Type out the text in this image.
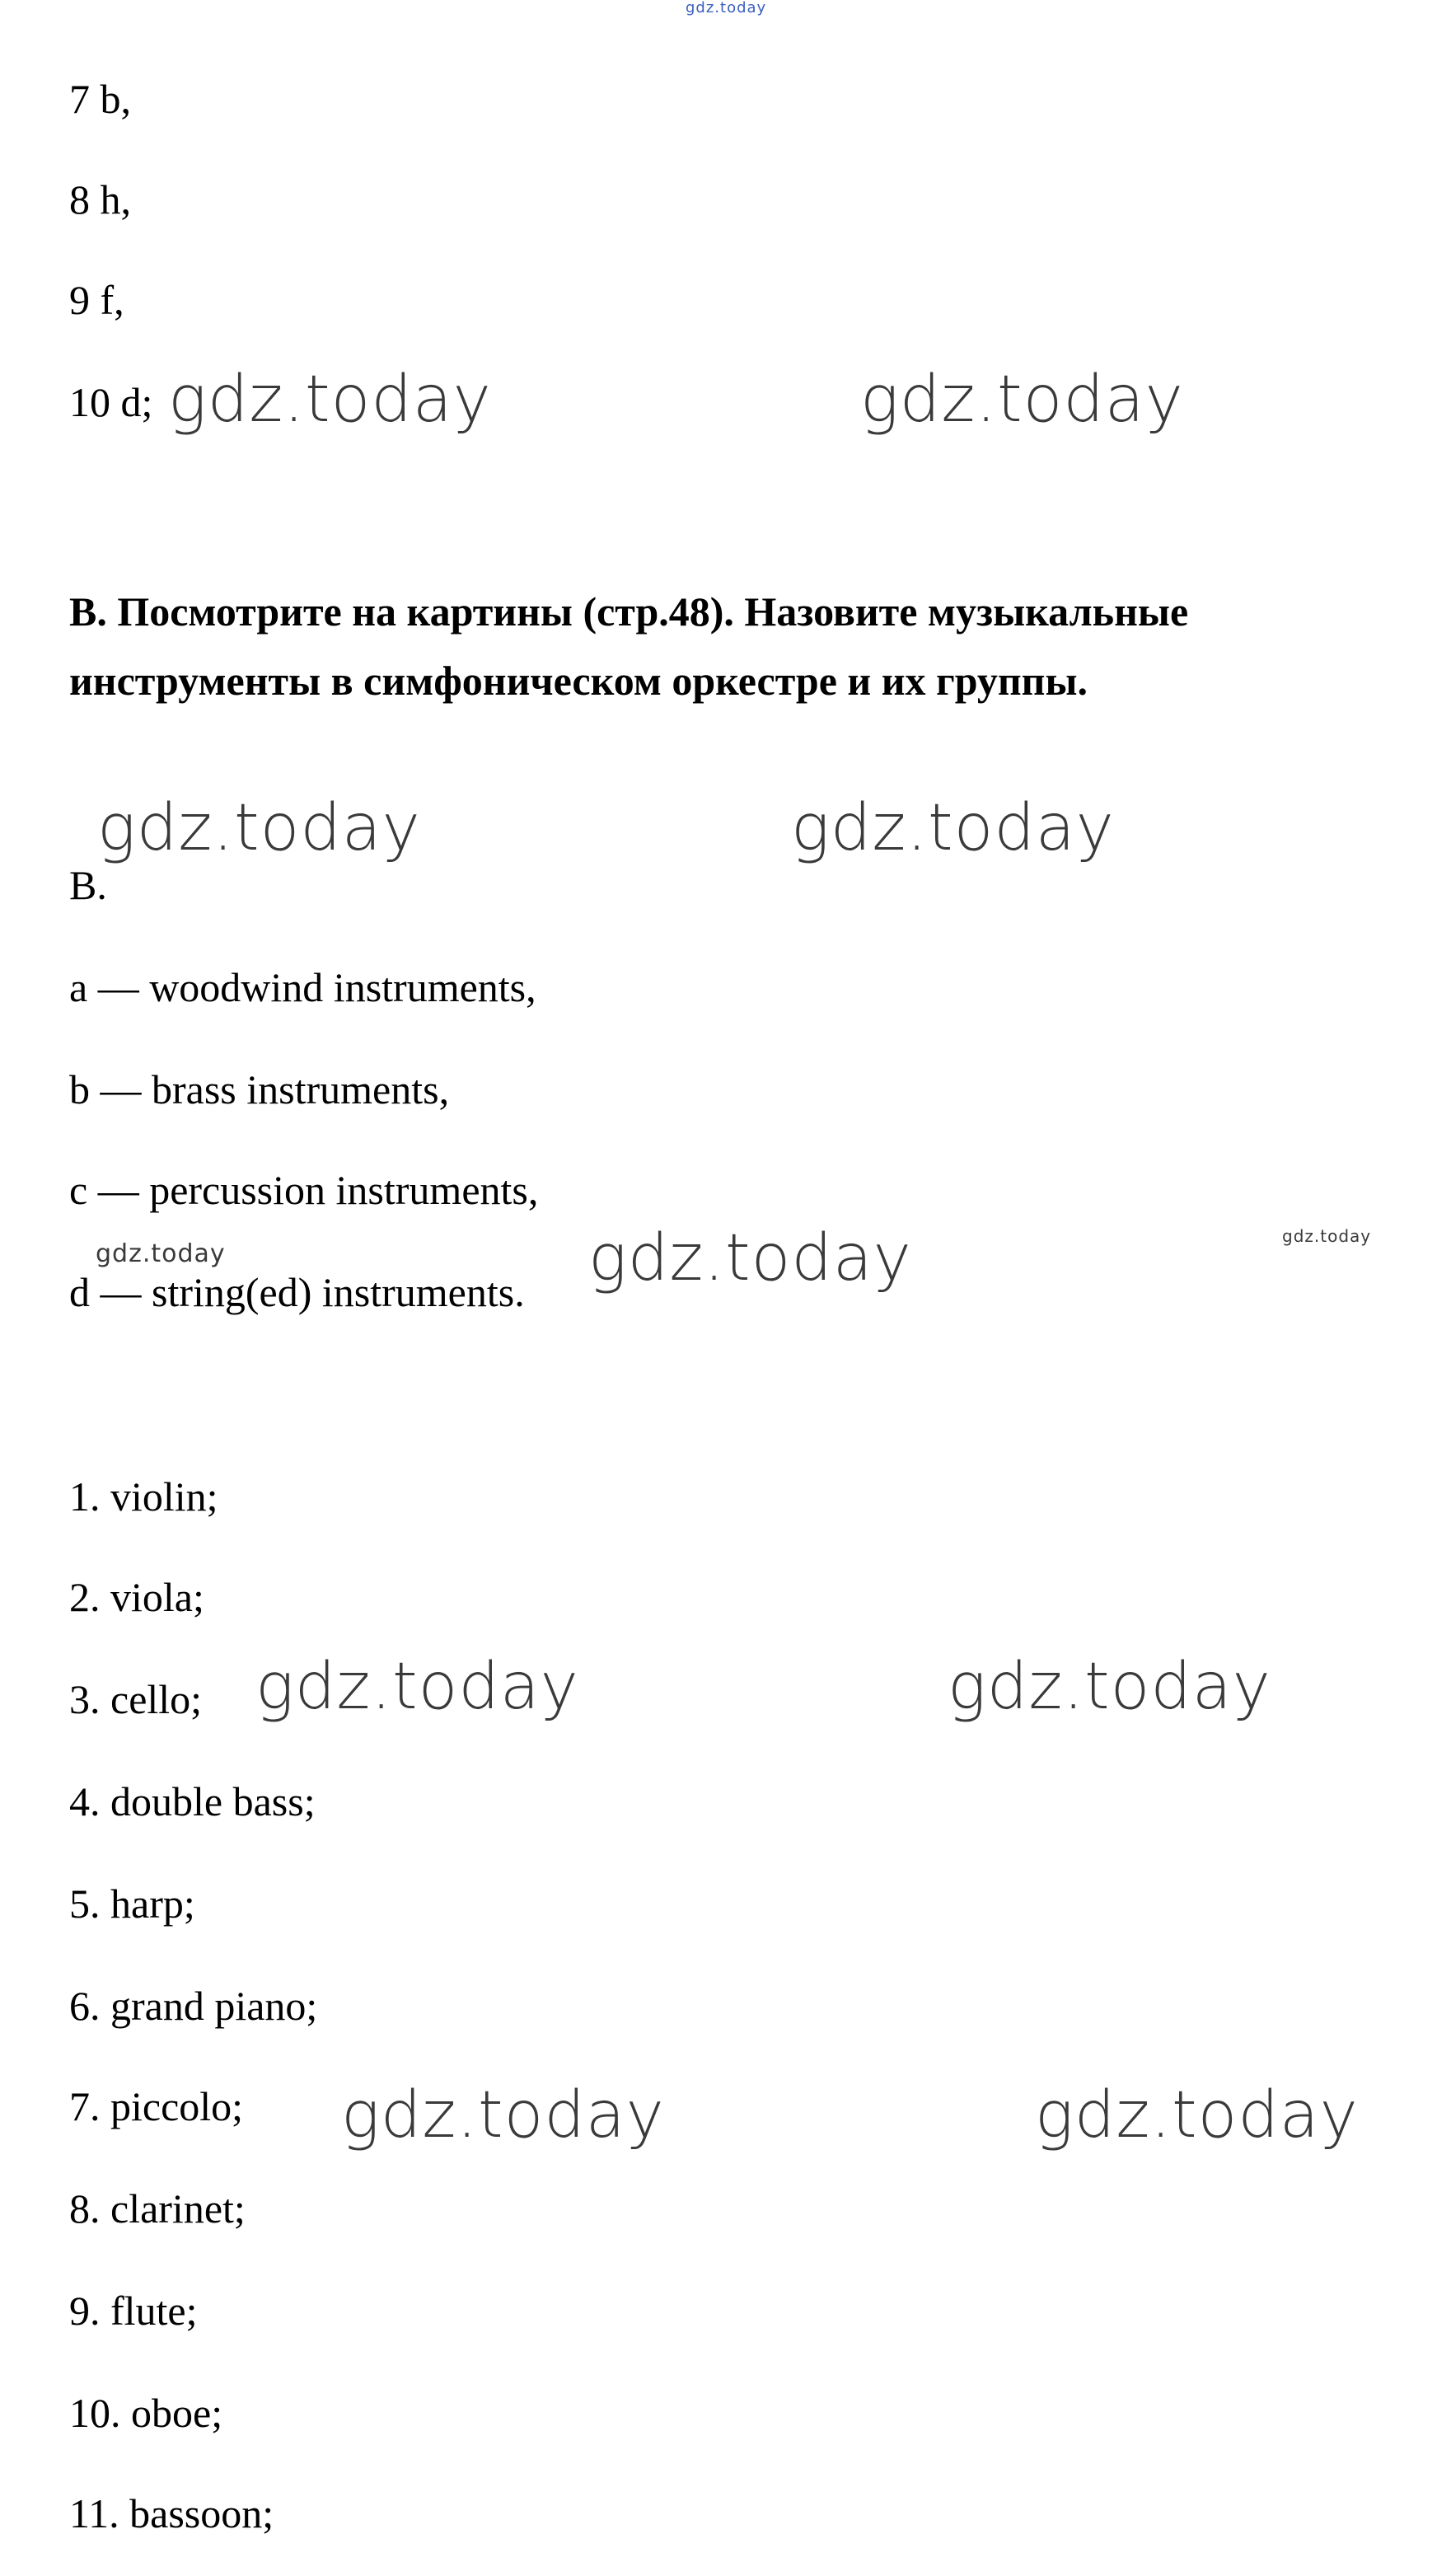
gdz.today
7 b,
8 h,
9 f,
10 d; gdz.today	gdz.today
B. Посмотрите на картины (стр.48). Назовите музыкальные
инструменты в симфоническом оркестре и их группы.
gdz.today	gdz.today
B.
a — woodwind instruments,
b — brass instruments,
c — percussion instruments,
d — string(ed) instruments.
gdz.today	gdz.today	gdz.today
1. violin;
2. viola;
3. cello;
4. double bass;
5. harp;
6. grand piano;
7. piccolo;
8. clarinet;
9. flute;
10. oboe;
11. bassoon;
gdz.today	gdz.today
gdz.today	gdz.today
